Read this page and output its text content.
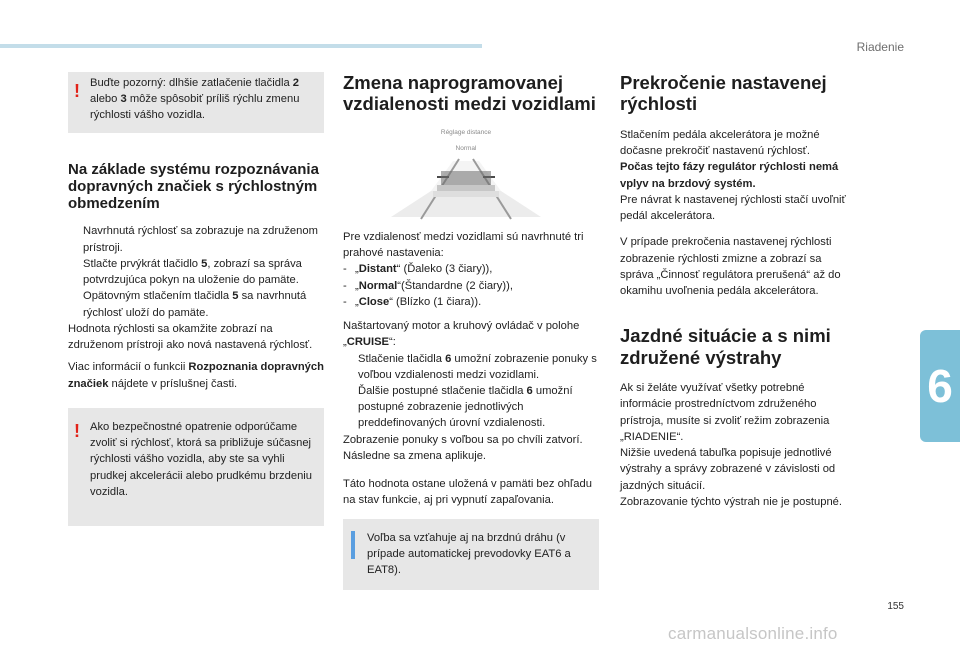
Riadenie
6
155
carmanualsonline.info
! Buďte pozorný: dlhšie zatlačenie tlačidla 2 alebo 3 môže spôsobiť príliš rýchlu zmenu rýchlosti vášho vozidla.

Na základe systému rozpoznávania dopravných značiek s rýchlostným obmedzením
Navrhnutá rýchlosť sa zobrazuje na združenom prístroji.
Stlačte prvýkrát tlačidlo 5, zobrazí sa správa potvrdzujúca pokyn na uloženie do pamäte.
Opätovným stlačením tlačidla 5 sa navrhnutá rýchlosť uloží do pamäte.

Hodnota rýchlosti sa okamžite zobrazí na združenom prístroji ako nová nastavená rýchlosť.

Viac informácií o funkcii Rozpoznania dopravných značiek nájdete v príslušnej časti.

! Ako bezpečnostné opatrenie odporúčame zvoliť si rýchlosť, ktorá sa približuje súčasnej rýchlosti vášho vozidla, aby ste sa vyhli prudkej akcelerácii alebo prudkému brzdeniu vozidla.

Zmena naprogramovanej vzdialenosti medzi vozidlami
Réglage distance
Normal

Pre vzdialenosť medzi vozidlami sú navrhnuté tri prahové nastavenia:

- „Distant“ (Ďaleko (3 čiary)),
- „Normal“(Štandardne (2 čiary)),
- „Close“ (Blízko (1 čiara)).

Naštartovaný motor a kruhový ovládač v polohe „CRUISE“:

Stlačenie tlačidla 6 umožní zobrazenie ponuky s voľbou vzdialenosti medzi vozidlami.
Ďalšie postupné stlačenie tlačidla 6 umožní postupné zobrazenie jednotlivých preddefinovaných úrovní vzdialenosti.

Zobrazenie ponuky s voľbou sa po chvíli zatvorí.

Následne sa zmena aplikuje.

Táto hodnota ostane uložená v pamäti bez ohľadu na stav funkcie, aj pri vypnutí zapaľovania.

Voľba sa vzťahuje aj na brzdnú dráhu (v prípade automatickej prevodovky EAT6 a EAT8).

Prekročenie nastavenej rýchlosti

Stlačením pedála akcelerátora je možné dočasne prekročiť nastavenú rýchlosť.

Počas tejto fázy regulátor rýchlosti nemá vplyv na brzdový systém.

Pre návrat k nastavenej rýchlosti stačí uvoľniť pedál akcelerátora.

V prípade prekročenia nastavenej rýchlosti zobrazenie rýchlosti zmizne a zobrazí sa správa „Činnosť regulátora prerušená“ až do okamihu uvoľnenia pedála akcelerátora.

Jazdné situácie a s nimi združené výstrahy

Ak si želáte využívať všetky potrebné informácie prostredníctvom združeného prístroja, musíte si zvoliť režim zobrazenia „RIADENIE“.

Nižšie uvedená tabuľka popisuje jednotlivé výstrahy a správy zobrazené v závislosti od jazdných situácií.

Zobrazovanie týchto výstrah nie je postupné.
